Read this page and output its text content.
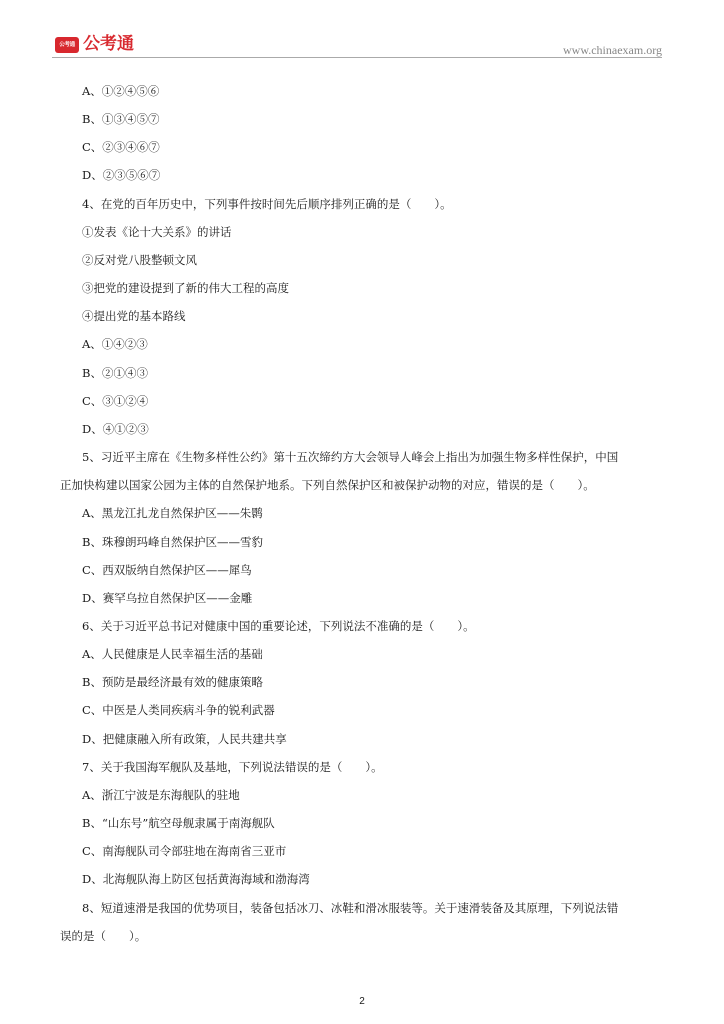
公考通 公考通	www.chinaexam.org
A、①②④⑤⑥
B、①③④⑤⑦
C、②③④⑥⑦
D、②③⑤⑥⑦
4、在党的百年历史中，下列事件按时间先后顺序排列正确的是（　　）。
①发表《论十大关系》的讲话
②反对党八股整顿文风
③把党的建设提到了新的伟大工程的高度
④提出党的基本路线
A、①④②③
B、②①④③
C、③①②④
D、④①②③
5、习近平主席在《生物多样性公约》第十五次缔约方大会领导人峰会上指出为加强生物多样性保护，中国
正加快构建以国家公园为主体的自然保护地系。下列自然保护区和被保护动物的对应，错误的是（　　）。
A、黑龙江扎龙自然保护区——朱鹮
B、珠穆朗玛峰自然保护区——雪豹
C、西双版纳自然保护区——犀鸟
D、赛罕乌拉自然保护区——金雕
6、关于习近平总书记对健康中国的重要论述，下列说法不准确的是（　　）。
A、人民健康是人民幸福生活的基础
B、预防是最经济最有效的健康策略
C、中医是人类同疾病斗争的锐利武器
D、把健康融入所有政策，人民共建共享
7、关于我国海军舰队及基地，下列说法错误的是（　　）。
A、浙江宁波是东海舰队的驻地
B、“山东号”航空母舰隶属于南海舰队
C、南海舰队司令部驻地在海南省三亚市
D、北海舰队海上防区包括黄海海域和渤海湾
8、短道速滑是我国的优势项目，装备包括冰刀、冰鞋和滑冰服装等。关于速滑装备及其原理，下列说法错
误的是（　　）。
2
